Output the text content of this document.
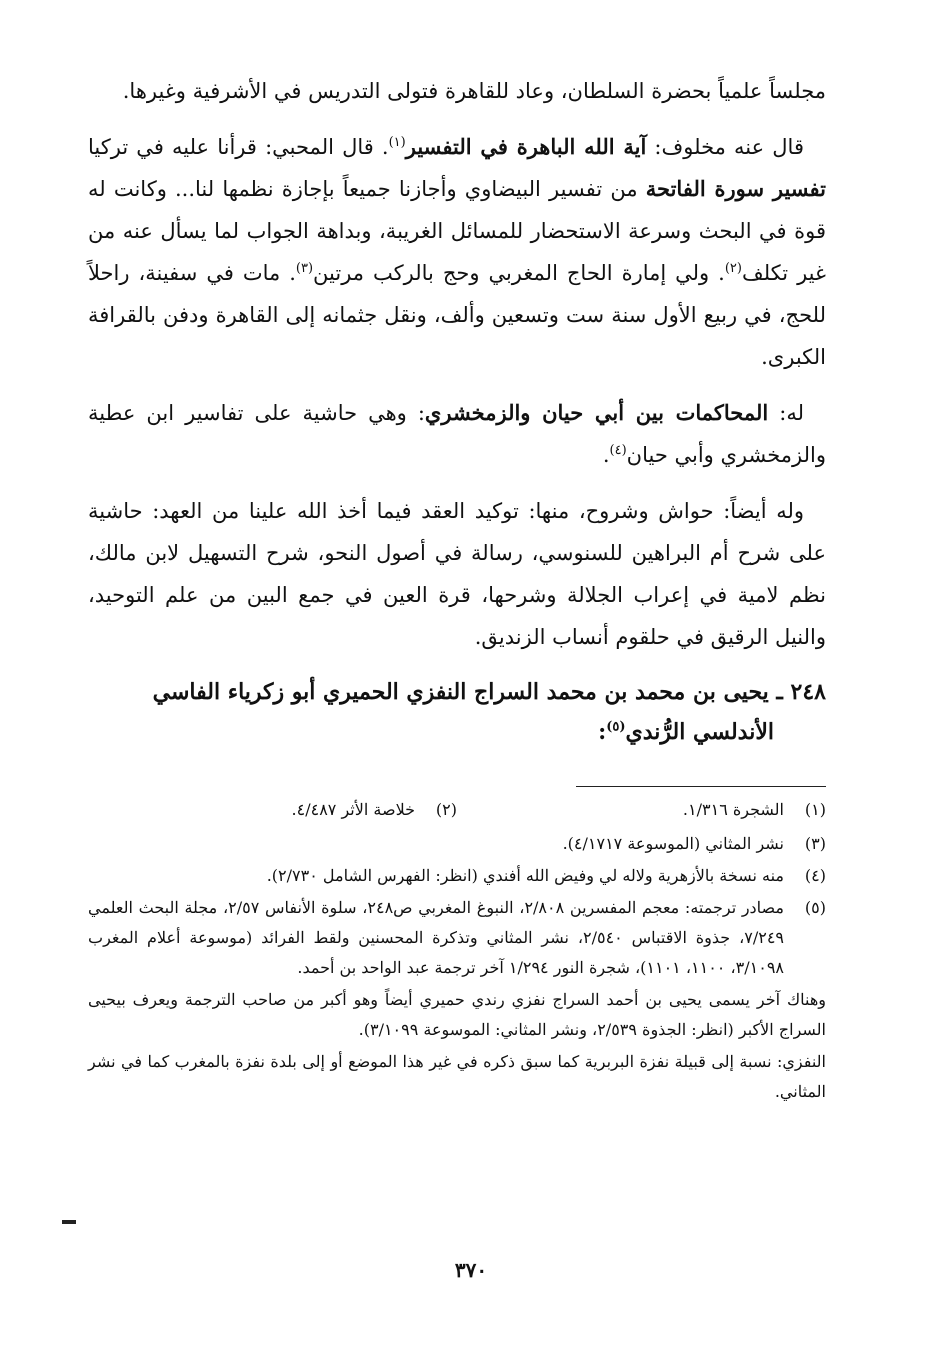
مجلساً علمياً بحضرة السلطان، وعاد للقاهرة فتولى التدريس في الأشرفية وغيرها.

قال عنه مخلوف: آية الله الباهرة في التفسير$^{(١)}$. قال المحبي: قرأنا عليه في تركيا تفسير سورة الفاتحة من تفسير البيضاوي وأجازنا جميعاً بإجازة نظمها لنا... وكانت له قوة في البحث وسرعة الاستحضار للمسائل الغريبة، وبداهة الجواب لما يسأل عنه من غير تكلف$^{(٢)}$. ولي إمارة الحاج المغربي وحج بالركب مرتين$^{(٣)}$. مات في سفينة، راحلاً للحج، في ربيع الأول سنة ست وتسعين وألف، ونقل جثمانه إلى القاهرة ودفن بالقرافة الكبرى.

له: المحاكمات بين أبي حيان والزمخشري: وهي حاشية على تفاسير ابن عطية والزمخشري وأبي حيان$^{(٤)}$.

وله أيضاً: حواش وشروح، منها: توكيد العقد فيما أخذ الله علينا من العهد: حاشية على شرح أم البراهين للسنوسي، رسالة في أصول النحو، شرح التسهيل لابن مالك، نظم لامية في إعراب الجلالة وشرحها، قرة العين في جمع البين من علم التوحيد، والنيل الرقيق في حلقوم أنساب الزنديق.

٢٤٨ ـ يحيى بن محمد بن محمد السراج النفزي الحميري أبو زكرياء الفاسي
الأندلسي الرُّندي$^{(٥)}$:
(١)
الشجرة ١/٣١٦.
(٢)
خلاصة الأثر ٤/٤٨٧.
(٣)
نشر المثاني (الموسوعة ٤/١٧١٧).
(٤)
منه نسخة بالأزهرية ولاله لي وفيض الله أفندي (انظر: الفهرس الشامل ٢/٧٣٠).
(٥)
مصادر ترجمته: معجم المفسرين ٢/٨٠٨، النبوغ المغربي ص٢٤٨، سلوة الأنفاس ٢/٥٧، مجلة البحث العلمي ٧/٢٤٩، جذوة الاقتباس ٢/٥٤٠، نشر المثاني وتذكرة المحسنين ولقط الفرائد (موسوعة أعلام المغرب ٣/١٠٩٨، ١١٠٠، ١١٠١)، شجرة النور ١/٢٩٤ آخر ترجمة عبد الواحد بن أحمد.
وهناك آخر يسمى يحيى بن أحمد السراج نفزي رندي حميري أيضاً وهو أكبر من صاحب الترجمة ويعرف بيحيى السراج الأكبر (انظر: الجذوة ٢/٥٣٩، ونشر المثاني: الموسوعة ٣/١٠٩٩).
النفزي: نسبة إلى قبيلة نفزة البربرية كما سبق ذكره في غير هذا الموضع أو إلى بلدة نفزة بالمغرب كما في نشر المثاني.
٣٧٠
